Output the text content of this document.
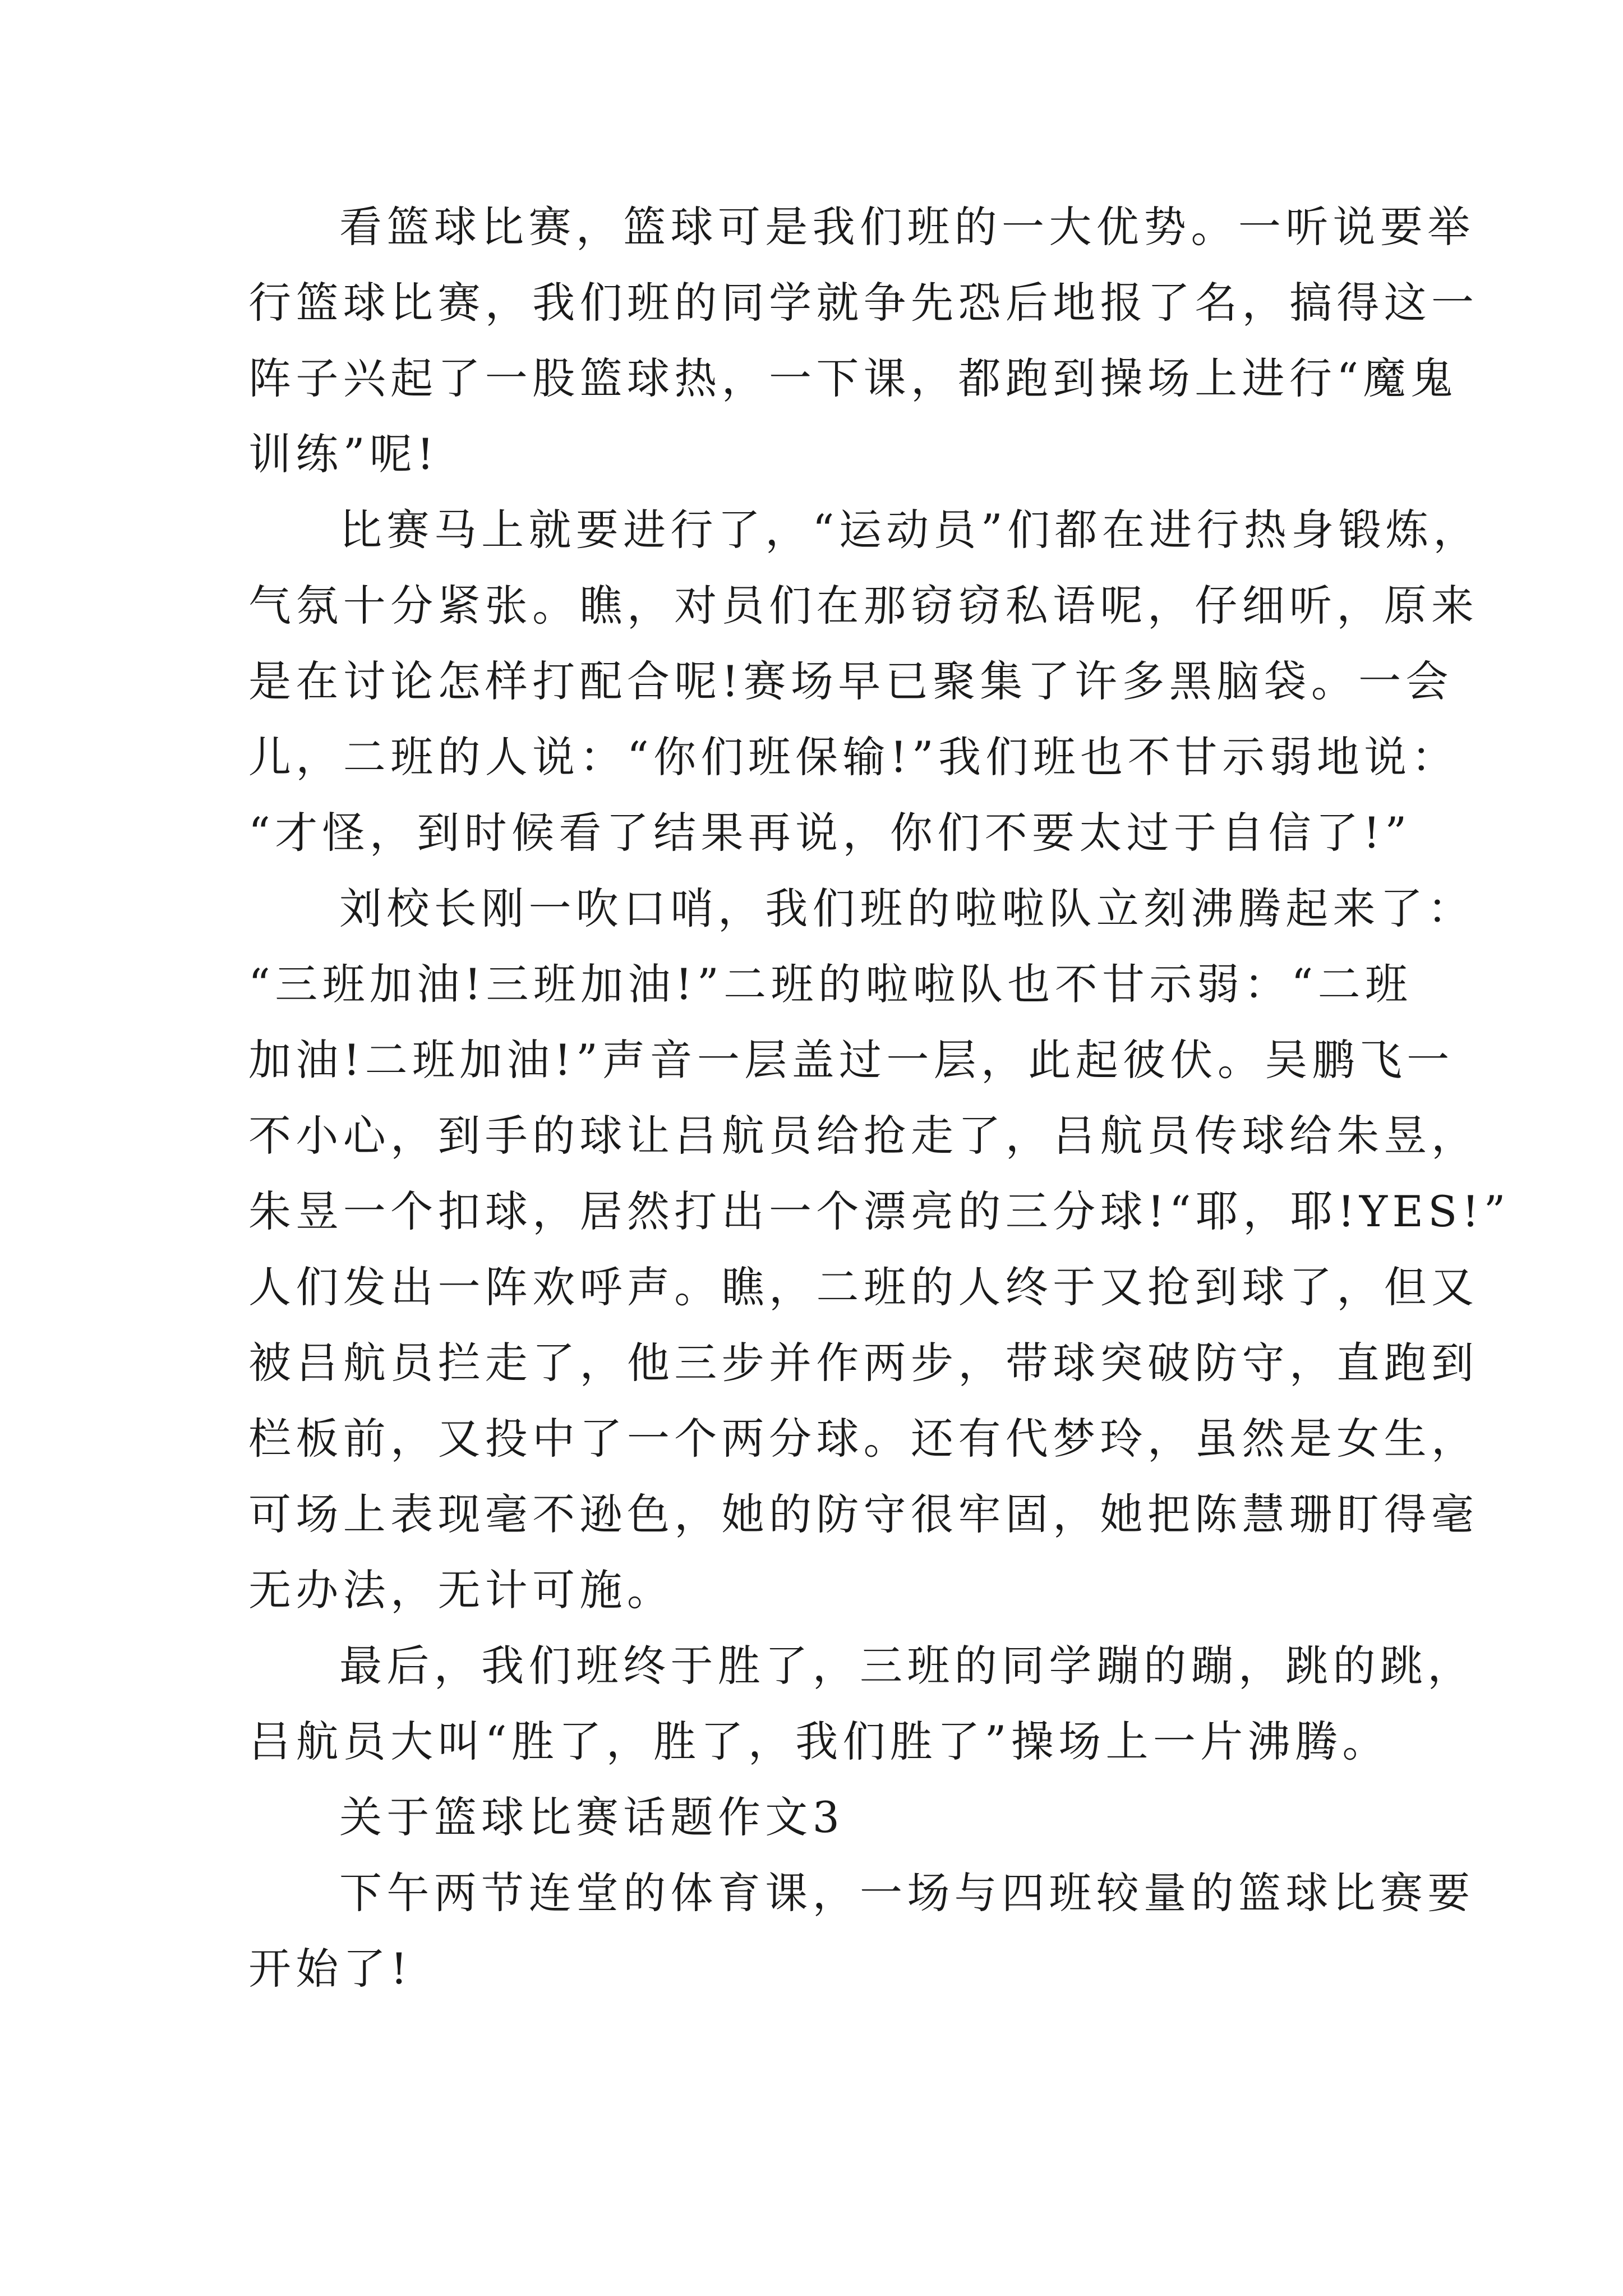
看篮球比赛，篮球可是我们班的一大优势。一听说要举
行篮球比赛，我们班的同学就争先恐后地报了名，搞得这一
阵子兴起了一股篮球热，一下课，都跑到操场上进行“魔鬼
训练”呢!
比赛马上就要进行了，“运动员”们都在进行热身锻炼，
气氛十分紧张。瞧，对员们在那窃窃私语呢，仔细听，原来
是在讨论怎样打配合呢!赛场早已聚集了许多黑脑袋。一会
儿，二班的人说：“你们班保输!”我们班也不甘示弱地说：
“才怪，到时候看了结果再说，你们不要太过于自信了!”
刘校长刚一吹口哨，我们班的啦啦队立刻沸腾起来了：
“三班加油!三班加油!”二班的啦啦队也不甘示弱：“二班
加油!二班加油!”声音一层盖过一层，此起彼伏。吴鹏飞一
不小心，到手的球让吕航员给抢走了，吕航员传球给朱昱，
朱昱一个扣球，居然打出一个漂亮的三分球!“耶，耶!YES!”
人们发出一阵欢呼声。瞧，二班的人终于又抢到球了，但又
被吕航员拦走了，他三步并作两步，带球突破防守，直跑到
栏板前，又投中了一个两分球。还有代梦玲，虽然是女生，
可场上表现毫不逊色，她的防守很牢固，她把陈慧珊盯得毫
无办法，无计可施。
最后，我们班终于胜了，三班的同学蹦的蹦，跳的跳，
吕航员大叫“胜了，胜了，我们胜了”操场上一片沸腾。
关于篮球比赛话题作文3
下午两节连堂的体育课，一场与四班较量的篮球比赛要
开始了!
